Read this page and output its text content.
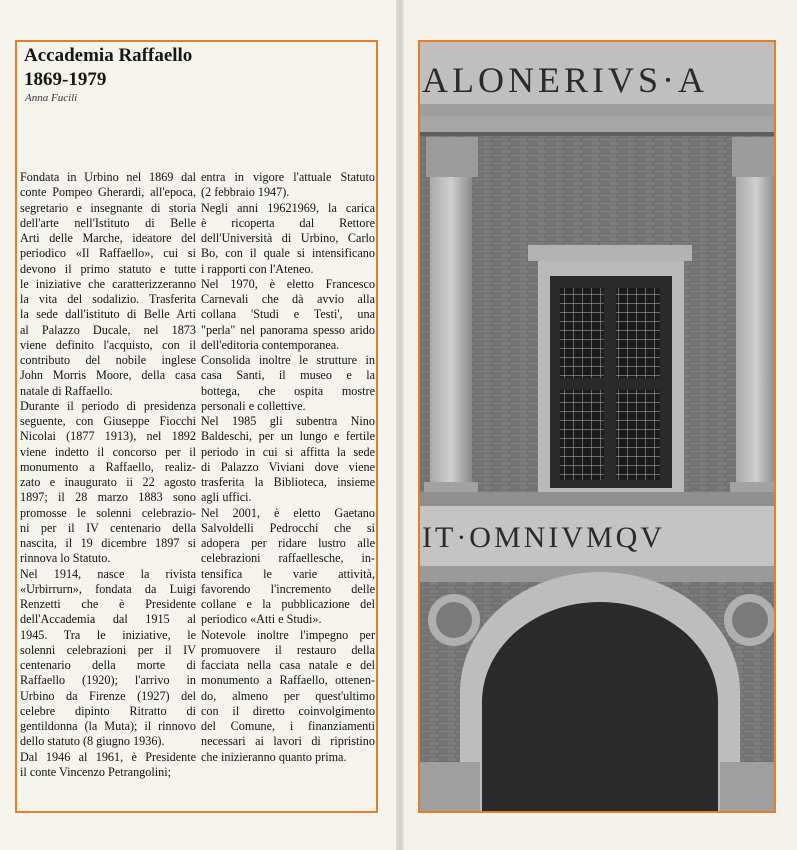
Accademia Raffaello
1869-1979
Anna Fucili
Fondata in Urbino nel 1869 dal
conte Pompeo Gherardi, all'epoca,
segretario e insegnante di storia
dell'arte nell'Istituto di Belle
Arti delle Marche, ideatore del
periodico «Il Raffaello», cui si
devono il primo statuto e tutte
le iniziative che caratterizzeranno
la vita del sodalizio. Trasferita
la sede dall'istituto di Belle Arti
al Palazzo Ducale, nel 1873
viene definito l'acquisto, con il
contributo del nobile inglese
John Morris Moore, della casa
natale di Raffaello.
Durante il periodo di presidenza
seguente, con Giuseppe Fiocchi
Nicolai (1877 1913), nel 1892
viene indetto il concorso per il
monumento a Raffaello, realiz-
zato e inaugurato ii 22 agosto
1897; il 28 marzo 1883 sono
promosse le solenni celebrazio-
ni per il IV centenario della
nascita, il 19 dicembre 1897 si
rinnova lo Statuto.
Nel 1914, nasce la rivista
«Urbirrurn», fondata da Luigi
Renzetti che è Presidente
dell'Accademia dal 1915 al
1945. Tra le iniziative, le
solenni celebrazioni per il IV
centenario della morte di
Raffaello (1920); l'arrivo in
Urbino da Firenze (1927) del
celebre dipinto Ritratto di
gentildonna (la Muta); il rinnovo
dello statuto (8 giugno 1936).
Dal 1946 al 1961, è Presidente
il conte Vincenzo Petrangolini;
entra in vigore l'attuale Statuto
(2 febbraio 1947).
Negli anni 19621969, la carica
è ricoperta dal Rettore
dell'Università di Urbino, Carlo
Bo, con il quale si intensificano
i rapporti con l'Ateneo.
Nel 1970, è eletto Francesco
Carnevali che dà avvio alla
collana 'Studi e Testi', una
"perla" nel panorama spesso arido
dell'editoria contemporanea.
Consolida inoltre le strutture in
casa Santi, il museo e la
bottega, che ospita mostre
personali e collettive.
Nel 1985 gli subentra Nino
Baldeschi, per un lungo e fertile
periodo in cui si affitta la sede
di Palazzo Viviani dove viene
trasferita la Biblioteca, insieme
agli uffici.
Nel 2001, è eletto Gaetano
Salvoldelli Pedrocchi che si
adopera per ridare lustro alle
celebrazioni raffaellesche, in-
tensifica le varie attività,
favorendo l'incremento delle
collane e la pubblicazione del
periodico «Atti e Studi».
Notevole inoltre l'impegno per
promuovere il restauro della
facciata nella casa natale e del
monumento a Raffaello, ottenen-
do, almeno per quest'ultimo
con il diretto coinvolgimento
del Comune, i finanziamenti
necessari ai lavori di ripristino
che inizieranno quanto prima.
ALONERIVS·A
IT·OMNIVMQV
